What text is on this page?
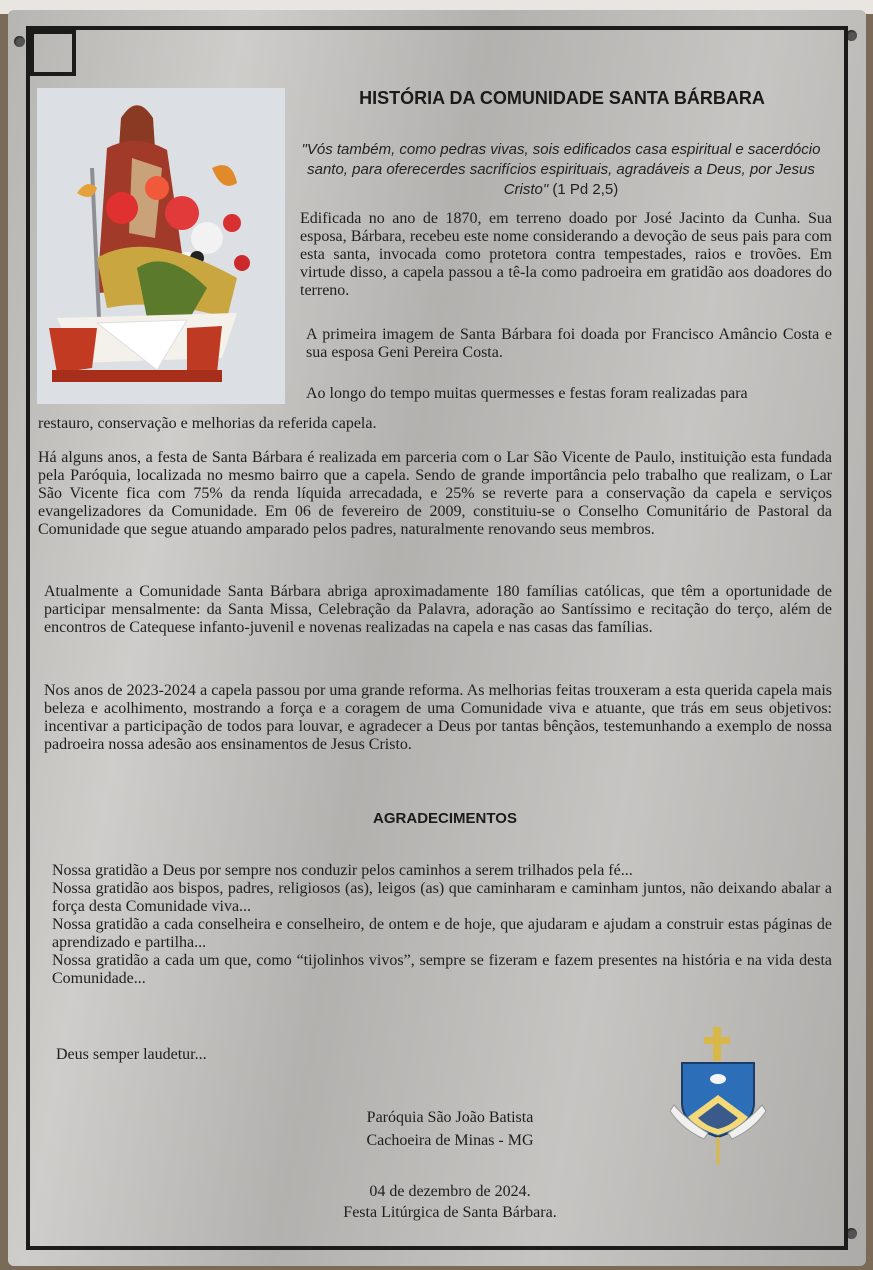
HISTÓRIA DA COMUNIDADE SANTA BÁRBARA
"Vós também, como pedras vivas, sois edificados casa espiritual e sacerdócio santo, para oferecerdes sacrifícios espirituais, agradáveis a Deus, por Jesus Cristo" (1 Pd 2,5)

Edificada no ano de 1870, em terreno doado por José Jacinto da Cunha. Sua esposa, Bárbara, recebeu este nome considerando a devoção de seus pais para com esta santa, invocada como protetora contra tempestades, raios e trovões. Em virtude disso, a capela passou a tê-la como padroeira em gratidão aos doadores do terreno.

A primeira imagem de Santa Bárbara foi doada por Francisco Amâncio Costa e sua esposa Geni Pereira Costa.

Ao longo do tempo muitas quermesses e festas foram realizadas para

restauro, conservação e melhorias da referida capela.

Há alguns anos, a festa de Santa Bárbara é realizada em parceria com o Lar São Vicente de Paulo, instituição esta fundada pela Paróquia, localizada no mesmo bairro que a capela. Sendo de grande importância pelo trabalho que realizam, o Lar São Vicente fica com 75% da renda líquida arrecadada, e 25% se reverte para a conservação da capela e serviços evangelizadores da Comunidade. Em 06 de fevereiro de 2009, constituiu-se o Conselho Comunitário de Pastoral da Comunidade que segue atuando amparado pelos padres, naturalmente renovando seus membros.

Atualmente a Comunidade Santa Bárbara abriga aproximadamente 180 famílias católicas, que têm a oportunidade de participar mensalmente: da Santa Missa, Celebração da Palavra, adoração ao Santíssimo e recitação do terço, além de encontros de Catequese infanto-juvenil e novenas realizadas na capela e nas casas das famílias.

Nos anos de 2023-2024 a capela passou por uma grande reforma. As melhorias feitas trouxeram a esta querida capela mais beleza e acolhimento, mostrando a força e a coragem de uma Comunidade viva e atuante, que trás em seus objetivos: incentivar a participação de todos para louvar, e agradecer a Deus por tantas bênçãos, testemunhando a exemplo de nossa padroeira nossa adesão aos ensinamentos de Jesus Cristo.

AGRADECIMENTOS

Nossa gratidão a Deus por sempre nos conduzir pelos caminhos a serem trilhados pela fé...

Nossa gratidão aos bispos, padres, religiosos (as), leigos (as) que caminharam e caminham juntos, não deixando abalar a força desta Comunidade viva...

Nossa gratidão a cada conselheira e conselheiro, de ontem e de hoje, que ajudaram e ajudam a construir estas páginas de aprendizado e partilha...

Nossa gratidão a cada um que, como “tijolinhos vivos”, sempre se fizeram e fazem presentes na história e na vida desta Comunidade...

Deus semper laudetur...

Paróquia São João Batista
Cachoeira de Minas - MG
04 de dezembro de 2024.
Festa Litúrgica de Santa Bárbara.
